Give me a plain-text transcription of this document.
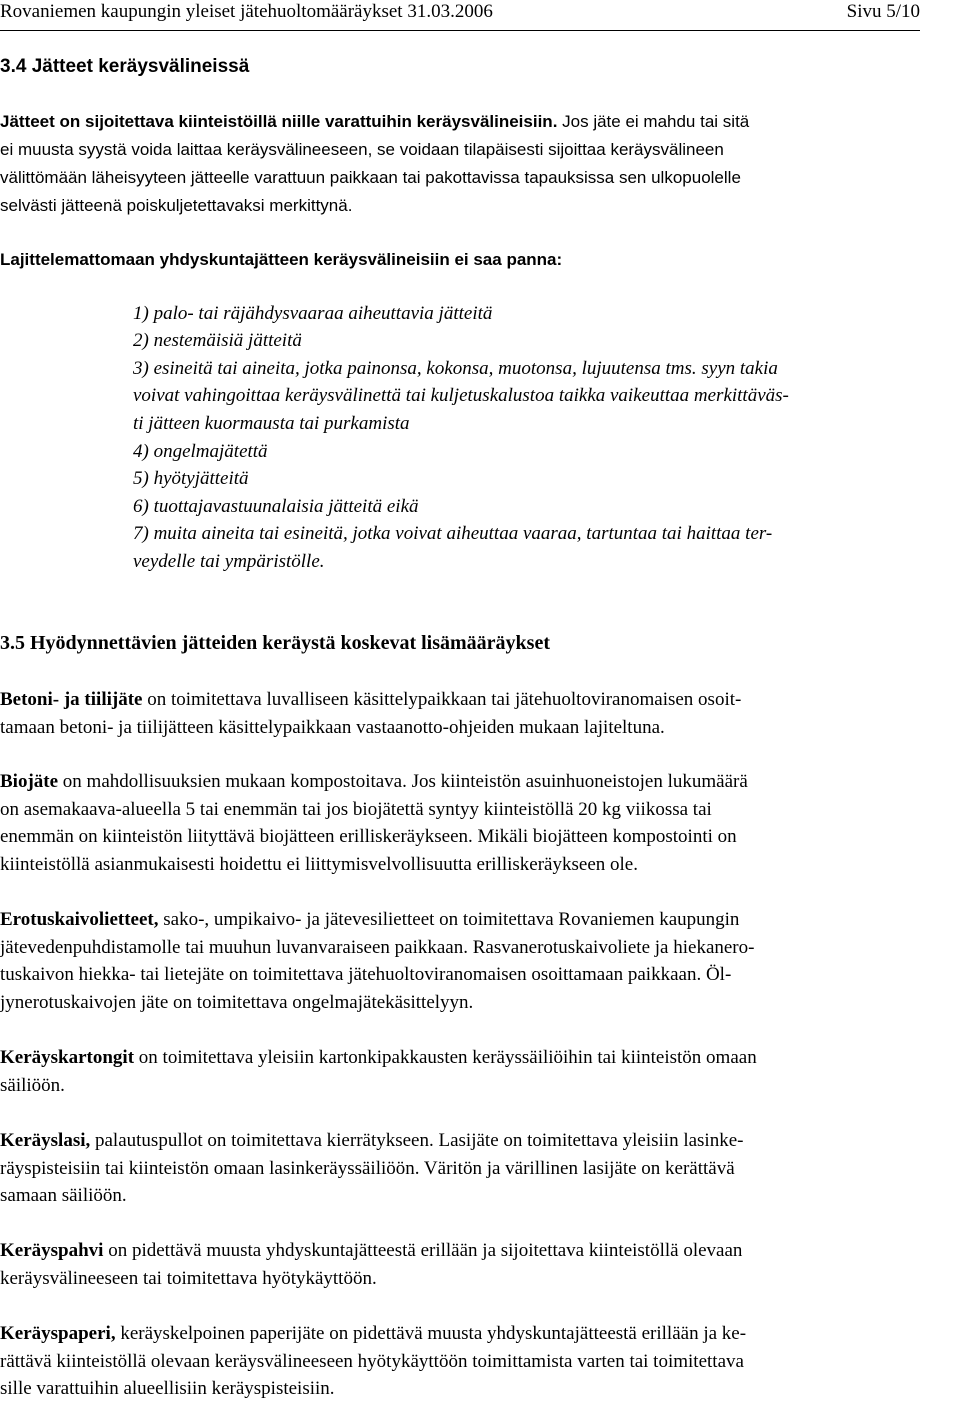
Rovaniemen kaupungin yleiset jätehuoltomääräykset 31.03.2006	Sivu 5/10
3.4 Jätteet keräysvälineissä
Jätteet on sijoitettava kiinteistöillä niille varattuihin keräysvälineisiin. Jos jäte ei mahdu tai sitä
ei muusta syystä voida laittaa keräysvälineeseen, se voidaan tilapäisesti sijoittaa keräysvälineen
välittömään läheisyyteen jätteelle varattuun paikkaan tai pakottavissa tapauksissa sen ulkopuolelle
selvästi jätteenä poiskuljetettavaksi merkittynä.
Lajittelemattomaan yhdyskuntajätteen keräysvälineisiin ei saa panna:
1) palo- tai räjähdysvaaraa aiheuttavia jätteitä
2) nestemäisiä jätteitä
3) esineitä tai aineita, jotka painonsa, kokonsa, muotonsa, lujuutensa tms. syyn takia
voivat vahingoittaa keräysvälinettä tai kuljetuskalustoa taikka vaikeuttaa merkittäväs-
ti jätteen kuormausta tai purkamista
4) ongelmajätettä
5) hyötyjätteitä
6) tuottajavastuunalaisia jätteitä eikä
7) muita aineita tai esineitä, jotka voivat aiheuttaa vaaraa, tartuntaa tai haittaa ter-
veydelle tai ympäristölle.
3.5 Hyödynnettävien jätteiden keräystä koskevat lisämääräykset
Betoni- ja tiilijäte on toimitettava luvalliseen käsittelypaikkaan tai jätehuoltoviranomaisen osoit-
tamaan betoni- ja tiilijätteen käsittelypaikkaan vastaanotto-ohjeiden mukaan lajiteltuna.
Biojäte on mahdollisuuksien mukaan kompostoitava. Jos kiinteistön asuinhuoneistojen lukumäärä
on asemakaava-alueella 5 tai enemmän tai jos biojätettä syntyy kiinteistöllä 20 kg viikossa tai
enemmän on kiinteistön liityttävä biojätteen erilliskeräykseen. Mikäli biojätteen kompostointi on
kiinteistöllä asianmukaisesti hoidettu ei liittymisvelvollisuutta erilliskeräykseen ole.
Erotuskaivolietteet, sako-, umpikaivo- ja jätevesilietteet on toimitettava Rovaniemen kaupungin
jätevedenpuhdistamolle tai muuhun luvanvaraiseen paikkaan. Rasvanerotuskaivoliete ja hiekanero-
tuskaivon hiekka- tai lietejäte on toimitettava jätehuoltoviranomaisen osoittamaan paikkaan. Öl-
jynerotuskaivojen jäte on toimitettava ongelmajätekäsittelyyn.
Keräyskartongit on toimitettava yleisiin kartonkipakkausten keräyssäiliöihin tai kiinteistön omaan
säiliöön.
Keräyslasi, palautuspullot on toimitettava kierrätykseen. Lasijäte on toimitettava yleisiin lasinke-
räyspisteisiin tai kiinteistön omaan lasinkeräyssäiliöön. Väritön ja värillinen lasijäte on kerättävä
samaan säiliöön.
Keräyspahvi on pidettävä muusta yhdyskuntajätteestä erillään ja sijoitettava kiinteistöllä olevaan
keräysvälineeseen tai toimitettava hyötykäyttöön.
Keräyspaperi, keräyskelpoinen paperijäte on pidettävä muusta yhdyskuntajätteestä erillään ja ke-
rättävä kiinteistöllä olevaan keräysvälineeseen hyötykäyttöön toimittamista varten tai toimitettava
sille varattuihin alueellisiin keräyspisteisiin.
